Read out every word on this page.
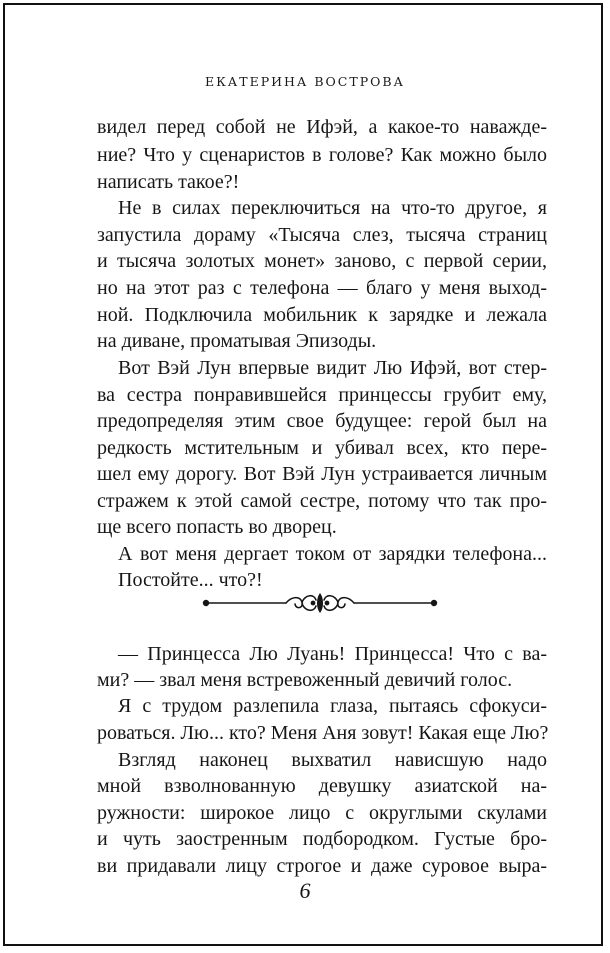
ЕКАТЕРИНА ВОСТРОВА
видел перед собой не Ифэй, а какое-то наважде-
ние? Что у сценаристов в голове? Как можно было
написать такое?!
Не в силах переключиться на что-то другое, я
запустила дораму «Тысяча слез, тысяча страниц
и тысяча золотых монет» заново, с первой серии,
но на этот раз с телефона — благо у меня выход-
ной. Подключила мобильник к зарядке и лежала
на диване, проматывая Эпизоды.
Вот Вэй Лун впервые видит Лю Ифэй, вот стер-
ва сестра понравившейся принцессы грубит ему,
предопределяя этим свое будущее: герой был на
редкость мстительным и убивал всех, кто пере-
шел ему дорогу. Вот Вэй Лун устраивается личным
стражем к этой самой сестре, потому что так про-
ще всего попасть во дворец.
А вот меня дергает током от зарядки телефона...
Постойте... что?!
— Принцесса Лю Луань! Принцесса! Что с ва-
ми? — звал меня встревоженный девичий голос.
Я с трудом разлепила глаза, пытаясь сфокуси-
роваться. Лю... кто? Меня Аня зовут! Какая еще Лю?
Взгляд наконец выхватил нависшую надо
мной взволнованную девушку азиатской на-
ружности: широкое лицо с округлыми скулами
и чуть заостренным подбородком. Густые бро-
ви придавали лицу строгое и даже суровое выра-
6
